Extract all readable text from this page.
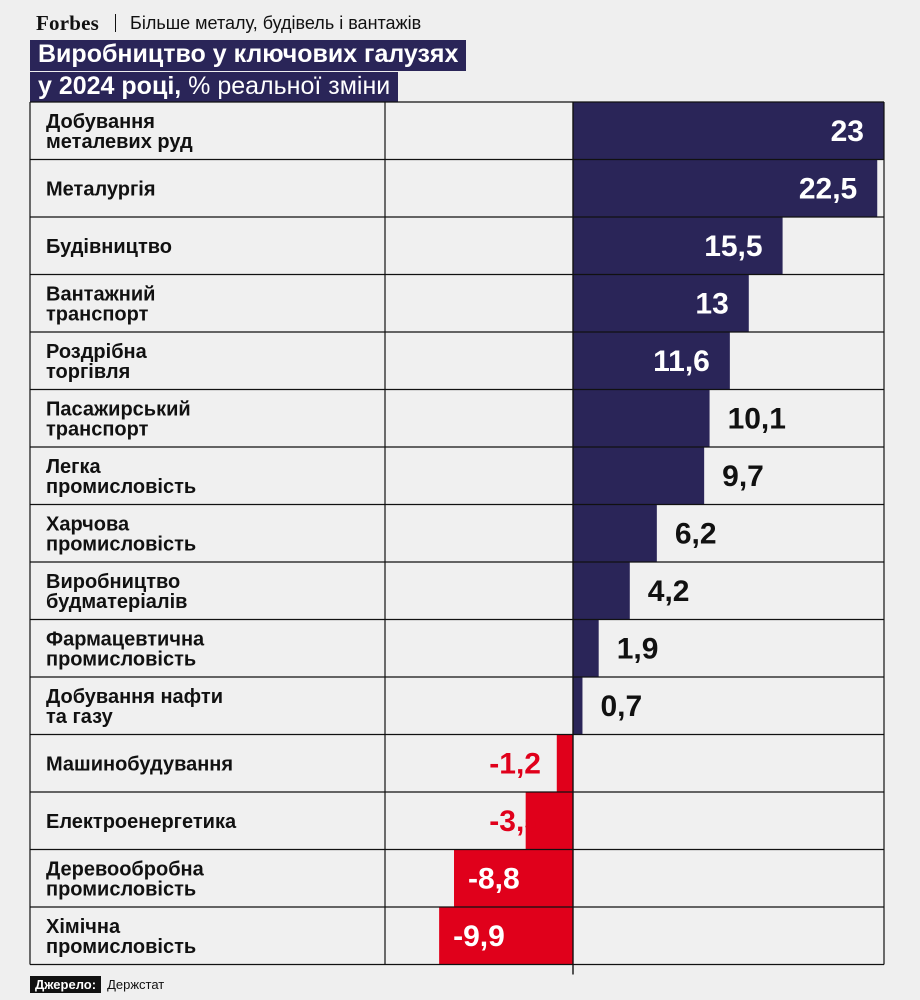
Forbes Більше металу, будівель і вантажів
Виробництво у ключових галузях
у 2024 році, % реальної зміни
23
22,5
15,5
13
11,6
10,1
9,7
6,2
4,2
1,9
0,7
-1,2
-3,5
-8,8
-9,9
Добування металевих руд
Металургія
Будівництво
Вантажний транспорт
Роздрібна торгівля
Пасажирський транспорт
Легка промисловість
Харчова промисловість
Виробництво будматеріалів
Фармацевтична промисловість
Добування нафти та газу
Машинобудування
Електроенергетика
Деревообробна промисловість
Хімічна промисловість
Джерело: Держстат
